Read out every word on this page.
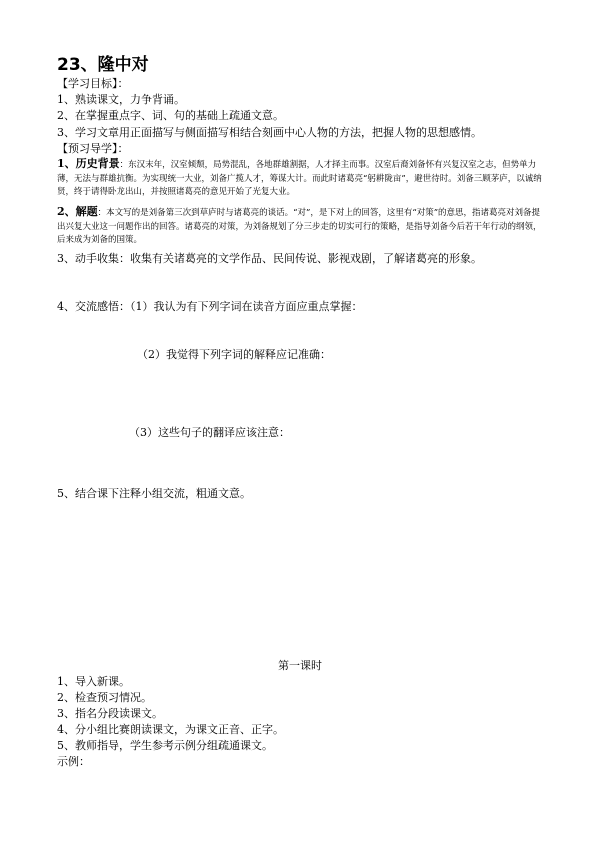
23、隆中对
【学习目标】：
1、熟读课文，力争背诵。
2、在掌握重点字、词、句的基础上疏通文意。
3、学习文章用正面描写与侧面描写相结合刻画中心人物的方法，把握人物的思想感情。
【预习导学】：
1、历史背景：东汉末年，汉室倾颓，局势混乱，各地群雄割据，人才择主而事。汉室后裔刘备怀有兴复汉室之志，但势单力薄，无法与群雄抗衡。为实现统一大业，刘备广揽人才，筹谋大计。而此时诸葛亮“躬耕陇亩”，避世待时。刘备三顾茅庐，以诚纳贤，终于请得卧龙出山，并按照诸葛亮的意见开始了光复大业。
2、解题：本文写的是刘备第三次到草庐时与诸葛亮的谈话。“对”，是下对上的回答，这里有“对策”的意思，指诸葛亮对刘备提出兴复大业这一问题作出的回答。诸葛亮的对策，为刘备规划了分三步走的切实可行的策略，是指导刘备今后若干年行动的纲领，后来成为刘备的国策。
3、动手收集：收集有关诸葛亮的文学作品、民间传说、影视戏剧，了解诸葛亮的形象。
4、交流感悟：（1）我认为有下列字词在读音方面应重点掌握：
（2）我觉得下列字词的解释应记准确：
（3）这些句子的翻译应该注意：
5、结合课下注释小组交流，粗通文意。
第一课时
1、导入新课。
2、检查预习情况。
3、指名分段读课文。
4、分小组比赛朗读课文，为课文正音、正字。
5、教师指导，学生参考示例分组疏通课文。
示例：
